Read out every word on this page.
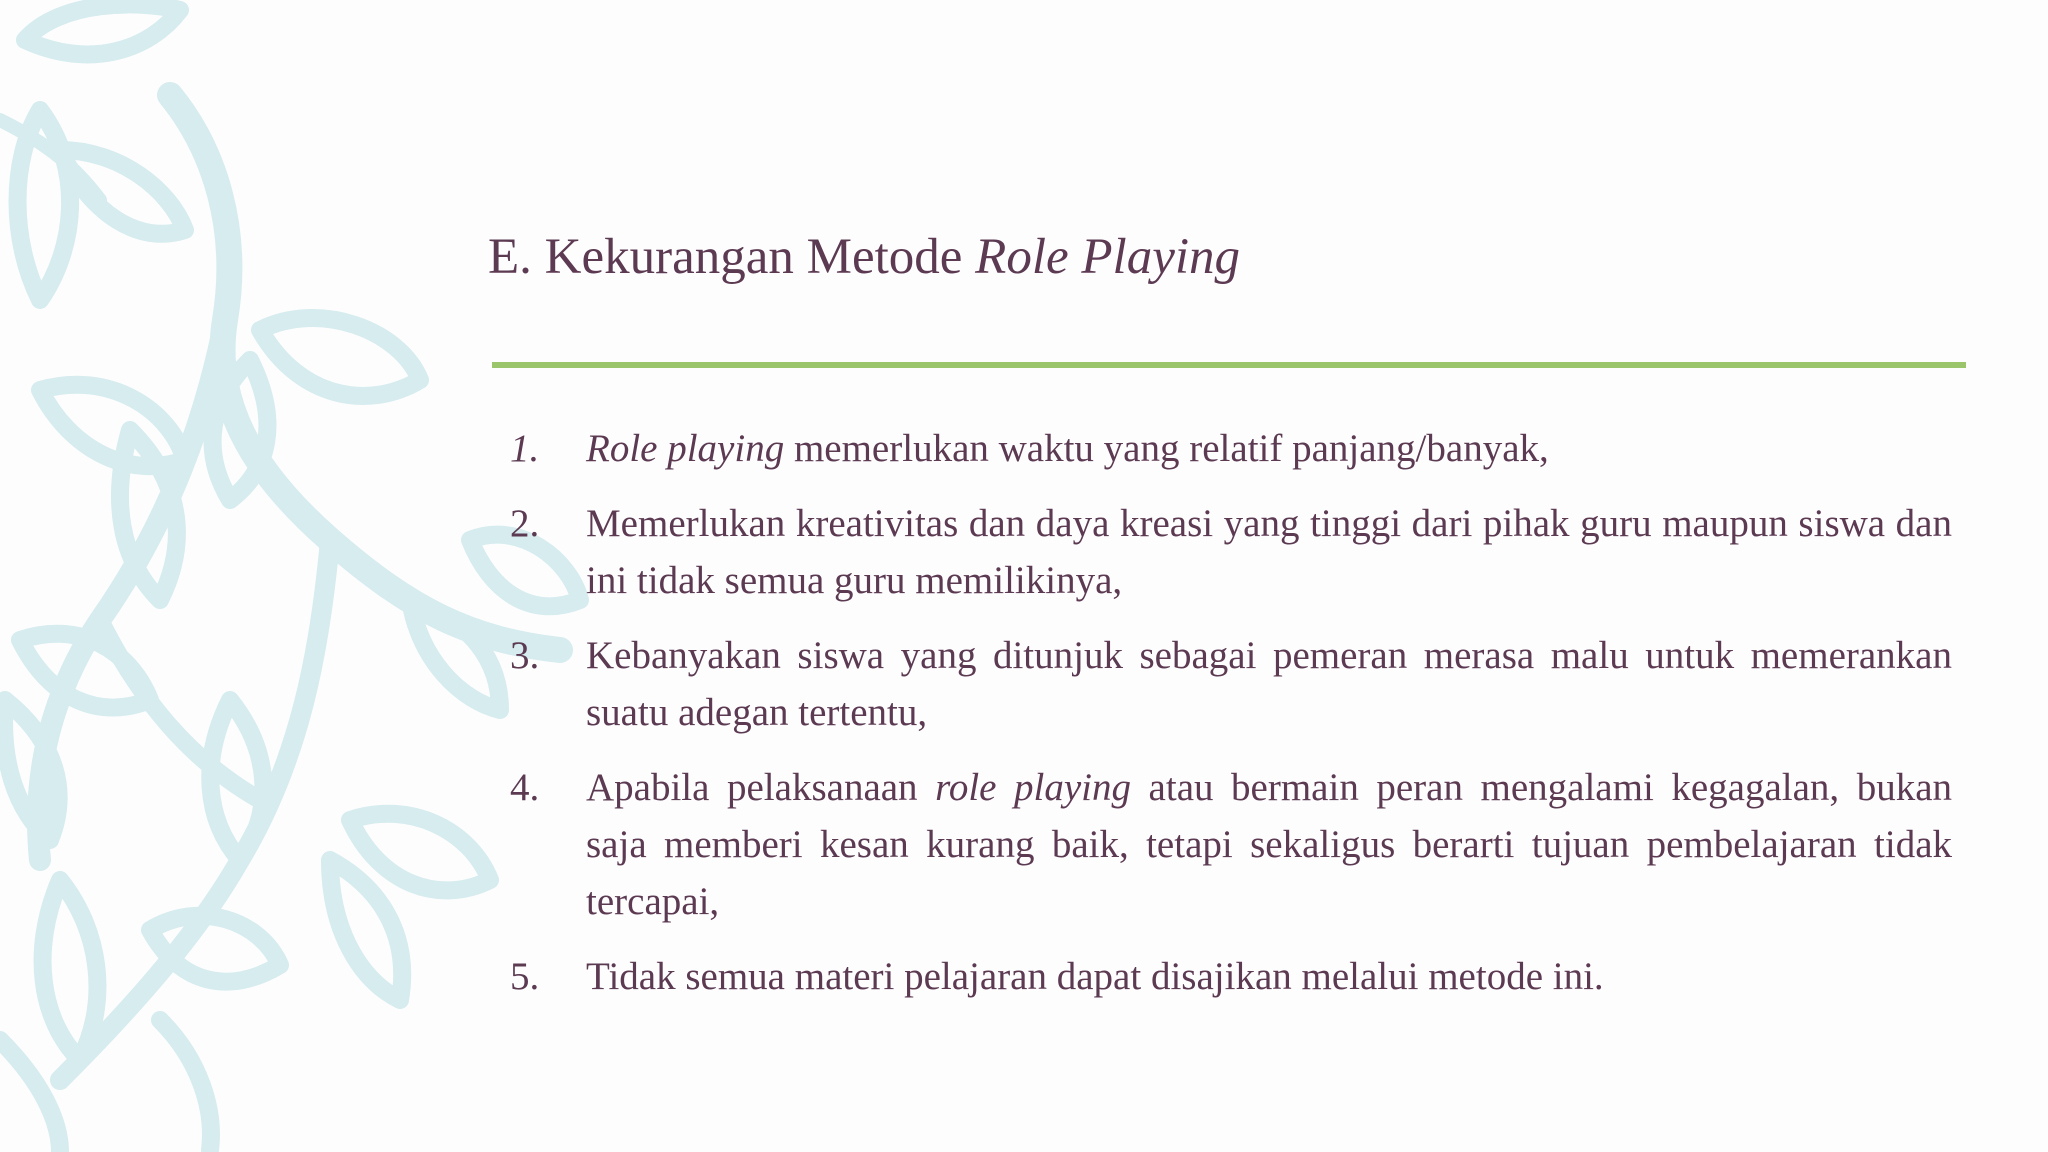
E. Kekurangan Metode Role Playing
1. Role playing memerlukan waktu yang relatif panjang/banyak,
2. Memerlukan kreativitas dan daya kreasi yang tinggi dari pihak guru maupun siswa dan ini tidak semua guru memilikinya,
3. Kebanyakan siswa yang ditunjuk sebagai pemeran merasa malu untuk memerankan suatu adegan tertentu,
4. Apabila pelaksanaan role playing atau bermain peran mengalami kegagalan, bukan saja memberi kesan kurang baik, tetapi sekaligus berarti tujuan pembelajaran tidak tercapai,
5. Tidak semua materi pelajaran dapat disajikan melalui metode ini.
